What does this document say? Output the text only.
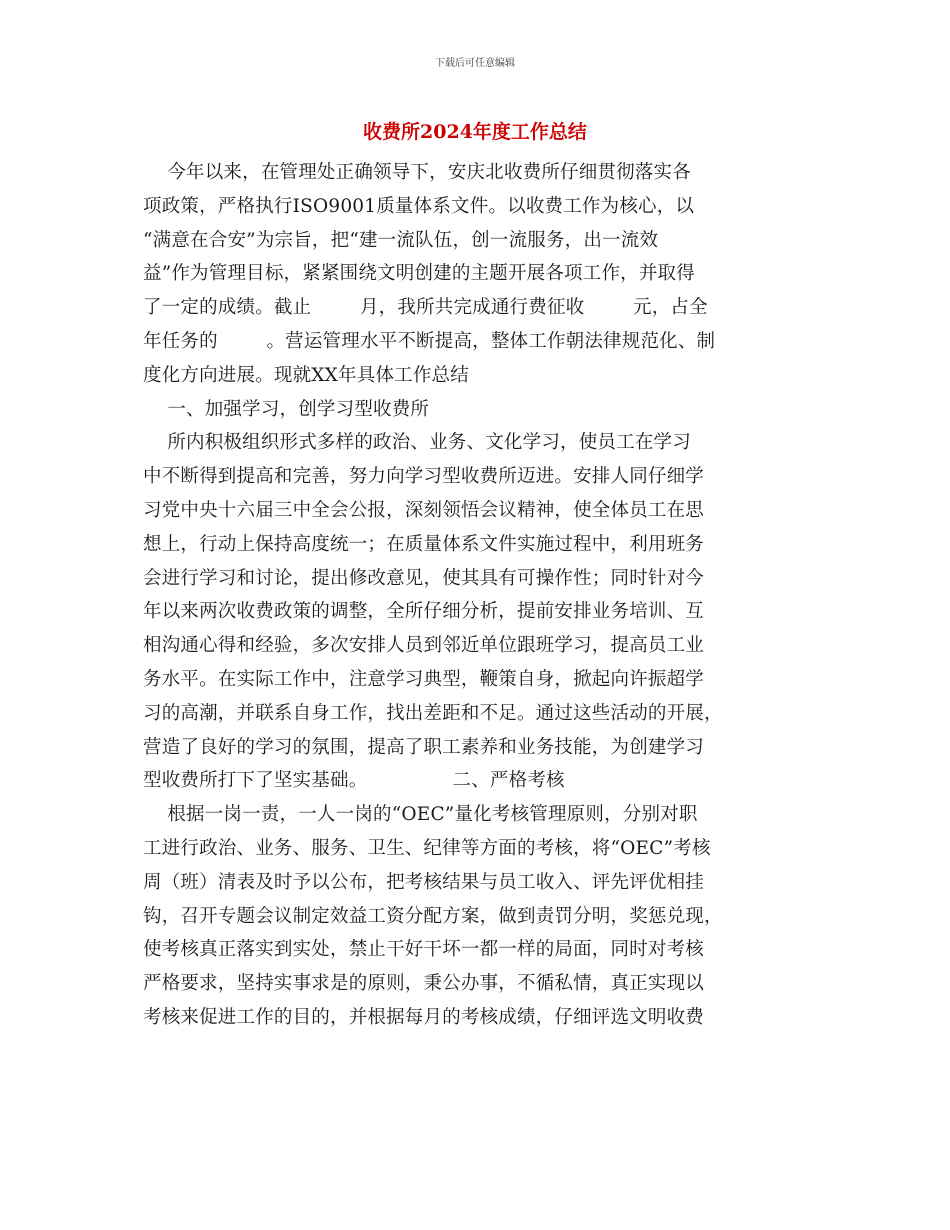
下载后可任意编辑
收费所2024年度工作总结
今年以来，在管理处正确领导下，安庆北收费所仔细贯彻落实各
项政策，严格执行ISO9001质量体系文件。以收费工作为核心，以
“满意在合安”为宗旨，把“建一流队伍，创一流服务，出一流效
益”作为管理目标，紧紧围绕文明创建的主题开展各项工作，并取得
了一定的成绩。截止        月，我所共完成通行费征收        元，占全
年任务的        。营运管理水平不断提高，整体工作朝法律规范化、制
度化方向进展。现就XX年具体工作总结
一、加强学习，创学习型收费所
所内积极组织形式多样的政治、业务、文化学习，使员工在学习
中不断得到提高和完善，努力向学习型收费所迈进。安排人同仔细学
习党中央十六届三中全会公报，深刻领悟会议精神，使全体员工在思
想上，行动上保持高度统一；在质量体系文件实施过程中，利用班务
会进行学习和讨论，提出修改意见，使其具有可操作性；同时针对今
年以来两次收费政策的调整，全所仔细分析，提前安排业务培训、互
相沟通心得和经验，多次安排人员到邻近单位跟班学习，提高员工业
务水平。在实际工作中，注意学习典型，鞭策自身，掀起向许振超学
习的高潮，并联系自身工作，找出差距和不足。通过这些活动的开展，
营造了良好的学习的氛围，提高了职工素养和业务技能，为创建学习
型收费所打下了坚实基础。              二、严格考核
根据一岗一责，一人一岗的“OEC”量化考核管理原则，分别对职
工进行政治、业务、服务、卫生、纪律等方面的考核，将“OEC”考核
周（班）清表及时予以公布，把考核结果与员工收入、评先评优相挂
钩，召开专题会议制定效益工资分配方案，做到责罚分明，奖惩兑现，
使考核真正落实到实处，禁止干好干坏一都一样的局面，同时对考核
严格要求，坚持实事求是的原则，秉公办事，不循私情，真正实现以
考核来促进工作的目的，并根据每月的考核成绩，仔细评选文明收费
